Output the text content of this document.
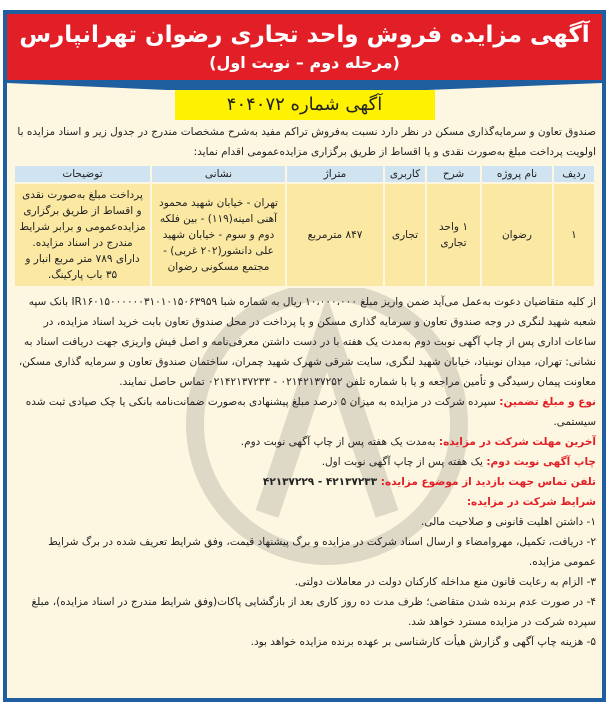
آگهی مزایده فروش واحد تجاری رضوان تهرانپارس
(مرحله دوم – نوبت اول)
آگهی شماره ۴۰۴۰۷۲

صندوق تعاون و سرمایه‌گذاری مسکن در نظر دارد نسبت به‌فروش تراکم مفید به‌شرح مشخصات مندرج در جدول زیر و اسناد مزایده با اولویت پرداخت مبلغ به‌صورت نقدی و یا اقساط از طریق برگزاری مزایده‌عمومی اقدام نماید:

ردیف	نام پروژه	شرح	کاربری	متراژ	نشانی	توضیحات
۱	رضوان	۱ واحد تجاری	تجاری	۸۴۷ مترمربع	تهران - خیابان شهید محمود آهنی امینه(۱۱۹) - بین فلکه دوم و سوم - خیابان شهید علی دانشور(۲۰۲ غربی) - مجتمع مسکونی رضوان	پرداخت مبلغ به‌صورت نقدی و اقساط از طریق برگزاری مزایده‌عمومی و برابر شرایط مندرج در اسناد مزایده. دارای ۷۸۹ متر مربع انبار و ۳۵ باب پارکینگ.

از کلیه متقاضیان دعوت به‌عمل می‌آید ضمن واریز مبلغ ۱۰،۰۰۰،۰۰۰ ریال به شماره شبا IR۱۶۰۱۵۰۰۰۰۰۰۳۱۰۱۰۱۵۰۶۳۹۵۹ بانک سپه شعبه شهید لنگری در وجه صندوق تعاون و سرمایه گذاری مسکن و یا پرداخت در محل صندوق تعاون بابت خرید اسناد مزایده، در ساعات اداری پس از چاپ آگهی نوبت دوم به‌مدت یک هفته با در دست داشتن معرفی‌نامه و اصل فیش واریزی جهت دریافت اسناد به نشانی: تهران، میدان نوبنیاد، خیابان شهید لنگری، سایت شرقی شهرک شهید چمران، ساختمان صندوق تعاون و سرمایه گذاری مسکن، معاونت پیمان رسیدگی و تأمین مراجعه و یا با شماره تلفن ۰۲۱۴۲۱۳۷۲۵۲ - ۰۲۱۴۲۱۳۷۲۳۳ تماس حاصل نمایند.

نوع و مبلغ تضمین: سپرده شرکت در مزایده به میزان ۵ درصد مبلغ پیشنهادی به‌صورت ضمانت‌نامه بانکی یا چک صیادی ثبت شده سیستمی.

آخرین مهلت شرکت در مزایده: به‌مدت یک هفته پس از چاپ آگهی نوبت دوم.

چاپ آگهی نوبت دوم: یک هفته پس از چاپ آگهی نوبت اول.

تلفن تماس جهت بازدید از موضوع مزایده: ۴۲۱۳۷۲۳۳ - ۴۲۱۳۷۲۲۹

شرایط شرکت در مزایده:

۱- داشتن اهلیت قانونی و صلاحیت مالی.

۲- دریافت، تکمیل، مهروامضاء و ارسال اسناد شرکت در مزایده و برگ پیشنهاد قیمت، وفق شرایط تعریف شده در برگ شرایط عمومی مزایده.

۳- الزام به رعایت قانون منع مداخله کارکنان دولت در معاملات دولتی.

۴- در صورت عدم برنده شدن متقاضی؛ ظرف مدت ده روز کاری بعد از بازگشایی پاکات(وفق شرایط مندرج در اسناد مزایده)، مبلغ سپرده شرکت در مزایده مسترد خواهد شد.

۵- هزینه چاپ آگهی و گزارش هیأت کارشناسی بر عهده برنده مزایده خواهد بود.
